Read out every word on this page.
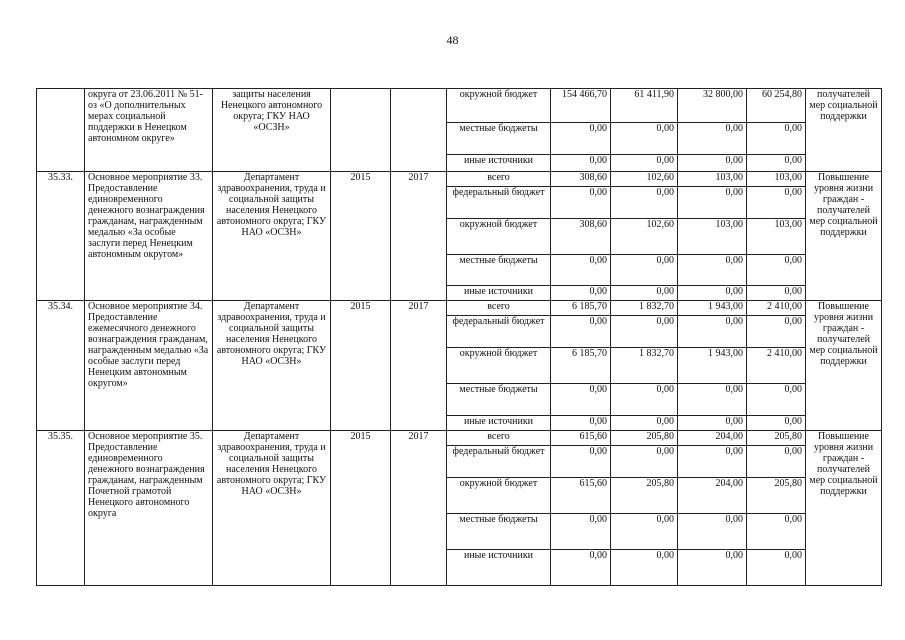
48
	округа от 23.06.2011 № 51-оз «О дополнительных мерах социальной поддержки в Ненецком автономном округе»	защиты населения Ненецкого автономного округа; ГКУ НАО «ОСЗН»			окружной бюджет	154 466,70	61 411,90	32 800,00	60 254,80	получателей мер социальной поддержки
					местные бюджеты	0,00	0,00	0,00	0,00	
					иные источники	0,00	0,00	0,00	0,00	
35.33.	Основное мероприятие 33. Предоставление единовременного денежного вознаграждения гражданам, награжденным медалью «За особые заслуги перед Ненецким автономным округом»	Департамент здравоохранения, труда и социальной защиты населения Ненецкого автономного округа; ГКУ НАО «ОСЗН»	2015	2017	всего	308,60	102,60	103,00	103,00	Повышение уровня жизни граждан - получателей мер социальной поддержки
					федеральный бюджет	0,00	0,00	0,00	0,00	
					окружной бюджет	308,60	102,60	103,00	103,00	
					местные бюджеты	0,00	0,00	0,00	0,00	
					иные источники	0,00	0,00	0,00	0,00	
35.34.	Основное мероприятие 34. Предоставление ежемесячного денежного вознаграждения гражданам, награжденным медалью «За особые заслуги перед Ненецким автономным округом»	Департамент здравоохранения, труда и социальной защиты населения Ненецкого автономного округа; ГКУ НАО «ОСЗН»	2015	2017	всего	6 185,70	1 832,70	1 943,00	2 410,00	Повышение уровня жизни граждан - получателей мер социальной поддержки
					федеральный бюджет	0,00	0,00	0,00	0,00	
					окружной бюджет	6 185,70	1 832,70	1 943,00	2 410,00	
					местные бюджеты	0,00	0,00	0,00	0,00	
					иные источники	0,00	0,00	0,00	0,00	
35.35.	Основное мероприятие 35. Предоставление единовременного денежного вознаграждения гражданам, награжденным Почетной грамотой Ненецкого автономного округа	Департамент здравоохранения, труда и социальной защиты населения Ненецкого автономного округа; ГКУ НАО «ОСЗН»	2015	2017	всего	615,60	205,80	204,00	205,80	Повышение уровня жизни граждан - получателей мер социальной поддержки
					федеральный бюджет	0,00	0,00	0,00	0,00	
					окружной бюджет	615,60	205,80	204,00	205,80	
					местные бюджеты	0,00	0,00	0,00	0,00	
					иные источники	0,00	0,00	0,00	0,00	
